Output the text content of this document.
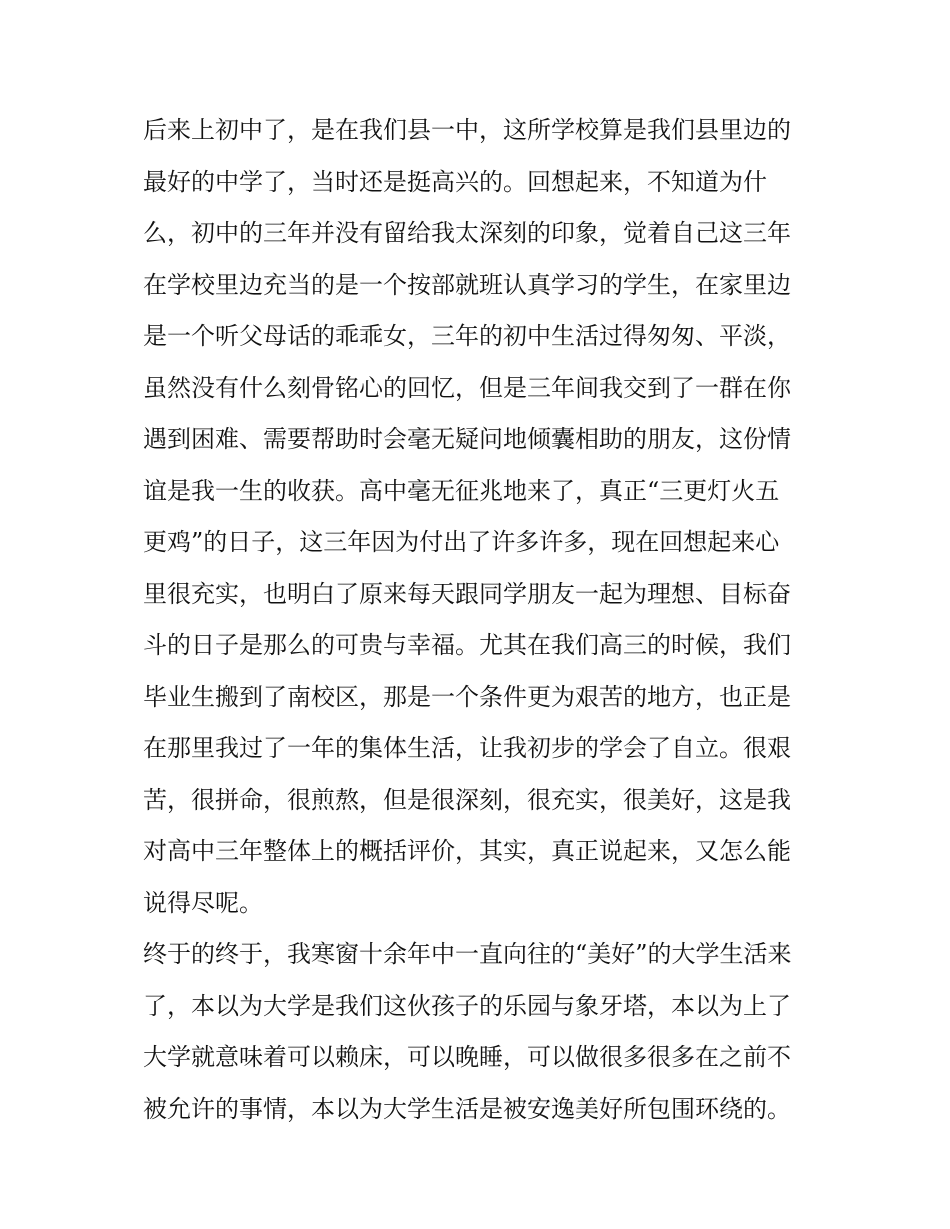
后来上初中了，是在我们县一中，这所学校算是我们县里边的
最好的中学了，当时还是挺高兴的。回想起来，不知道为什
么，初中的三年并没有留给我太深刻的印象，觉着自己这三年
在学校里边充当的是一个按部就班认真学习的学生，在家里边
是一个听父母话的乖乖女，三年的初中生活过得匆匆、平淡，
虽然没有什么刻骨铭心的回忆，但是三年间我交到了一群在你
遇到困难、需要帮助时会毫无疑问地倾囊相助的朋友，这份情
谊是我一生的收获。高中毫无征兆地来了，真正“三更灯火五
更鸡”的日子，这三年因为付出了许多许多，现在回想起来心
里很充实，也明白了原来每天跟同学朋友一起为理想、目标奋
斗的日子是那么的可贵与幸福。尤其在我们高三的时候，我们
毕业生搬到了南校区，那是一个条件更为艰苦的地方，也正是
在那里我过了一年的集体生活，让我初步的学会了自立。很艰
苦，很拼命，很煎熬，但是很深刻，很充实，很美好，这是我
对高中三年整体上的概括评价，其实，真正说起来，又怎么能
说得尽呢。
终于的终于，我寒窗十余年中一直向往的“美好”的大学生活来
了，本以为大学是我们这伙孩子的乐园与象牙塔，本以为上了
大学就意味着可以赖床，可以晚睡，可以做很多很多在之前不
被允许的事情，本以为大学生活是被安逸美好所包围环绕的。
